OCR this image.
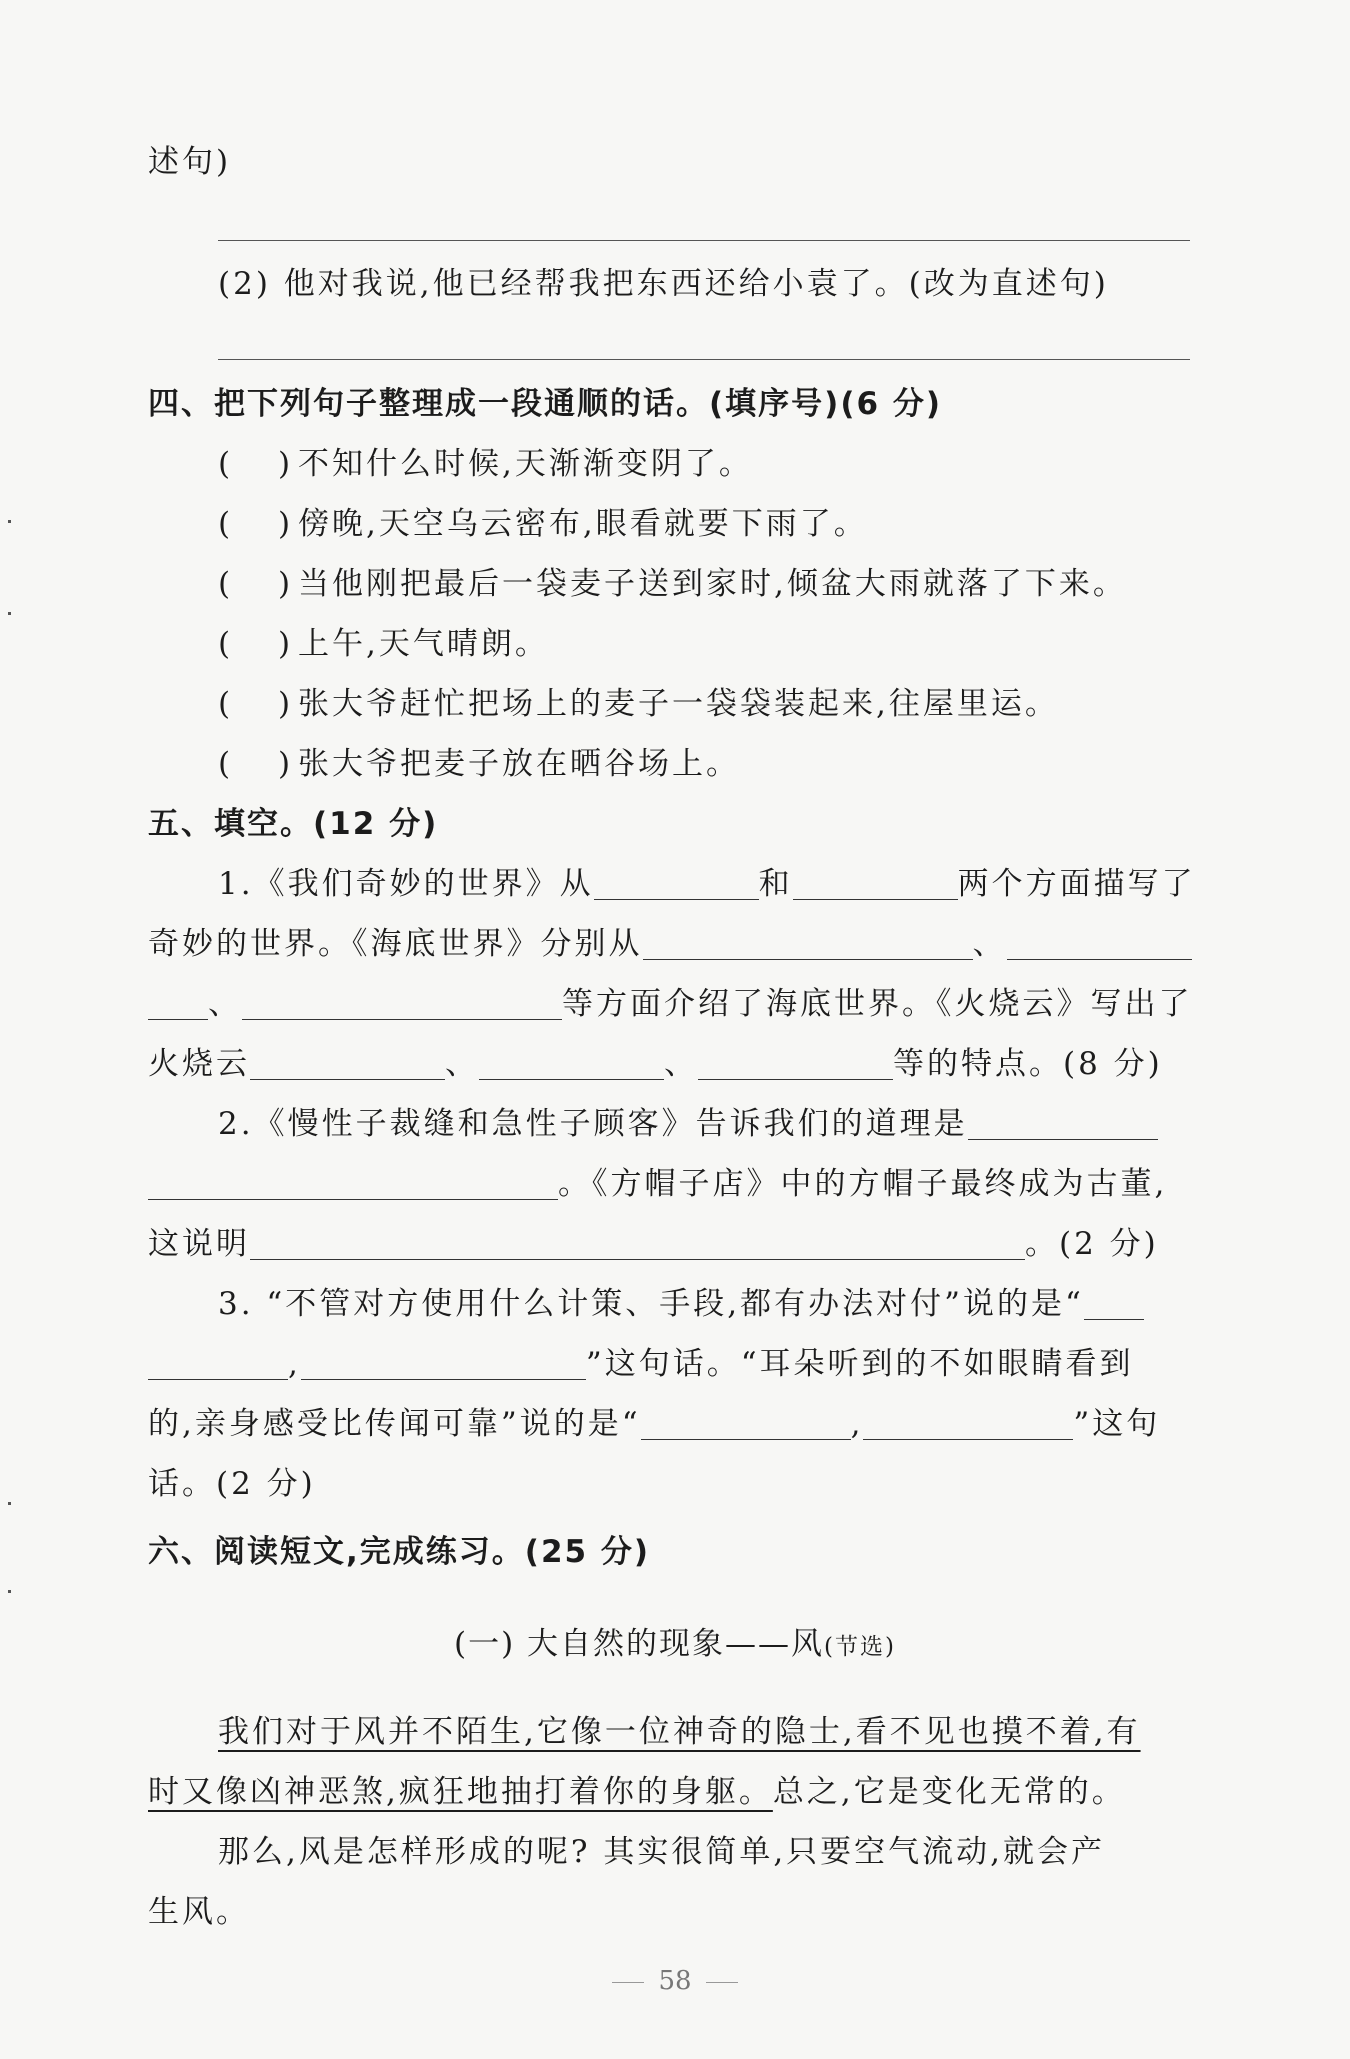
述句)
(2) 他对我说,他已经帮我把东西还给小袁了。(改为直述句)
四、把下列句子整理成一段通顺的话。(填序号)(6 分)
(	) 不知什么时候,天渐渐变阴了。
(	) 傍晚,天空乌云密布,眼看就要下雨了。
(	) 当他刚把最后一袋麦子送到家时,倾盆大雨就落了下来。
(	) 上午,天气晴朗。
(	) 张大爷赶忙把场上的麦子一袋袋装起来,往屋里运。
(	) 张大爷把麦子放在晒谷场上。
五、填空。(12 分)
1.《我们奇妙的世界》从	和	两个方面描写了
奇妙的世界。《海底世界》分别从	、
、	等方面介绍了海底世界。《火烧云》写出了
火烧云	、	、	等的特点。(8 分)
2.《慢性子裁缝和急性子顾客》告诉我们的道理是
。《方帽子店》中的方帽子最终成为古董,
这说明	。(2 分)
3. “不管对方使用什么计策、手段,都有办法对付”说的是“
,	”这句话。“耳朵听到的不如眼睛看到
的,亲身感受比传闻可靠”说的是“	,	”这句
话。(2 分)
六、阅读短文,完成练习。(25 分)
(一) 大自然的现象——风(节选)
我们对于风并不陌生,它像一位神奇的隐士,看不见也摸不着,有
时又像凶神恶煞,疯狂地抽打着你的身躯。总之,它是变化无常的。
那么,风是怎样形成的呢? 其实很简单,只要空气流动,就会产
生风。
58
